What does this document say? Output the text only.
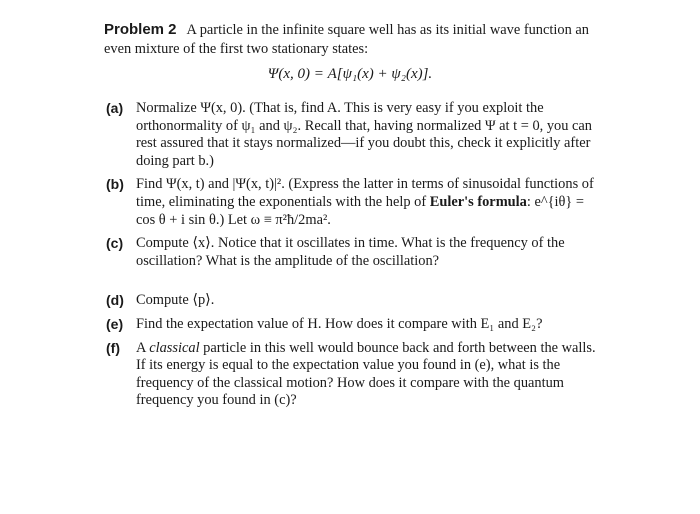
Problem 2 A particle in the infinite square well has as its initial wave function an even mixture of the first two stationary states:
Ψ(x, 0) = A[ψ₁(x) + ψ₂(x)].
(a) Normalize Ψ(x, 0). (That is, find A. This is very easy if you exploit the orthonormality of ψ₁ and ψ₂. Recall that, having normalized Ψ at t = 0, you can rest assured that it stays normalized—if you doubt this, check it explicitly after doing part b.)
(b) Find Ψ(x, t) and |Ψ(x, t)|². (Express the latter in terms of sinusoidal functions of time, eliminating the exponentials with the help of Euler's formula: e^{iθ} = cos θ + i sin θ.) Let ω ≡ π²ħ/2ma².
(c) Compute ⟨x⟩. Notice that it oscillates in time. What is the frequency of the oscillation? What is the amplitude of the oscillation?
(d) Compute ⟨p⟩.
(e) Find the expectation value of H. How does it compare with E₁ and E₂?
(f)	A classical particle in this well would bounce back and forth between the walls. If its energy is equal to the expectation value you found in (e), what is the frequency of the classical motion? How does it compare with the quantum frequency you found in (c)?
